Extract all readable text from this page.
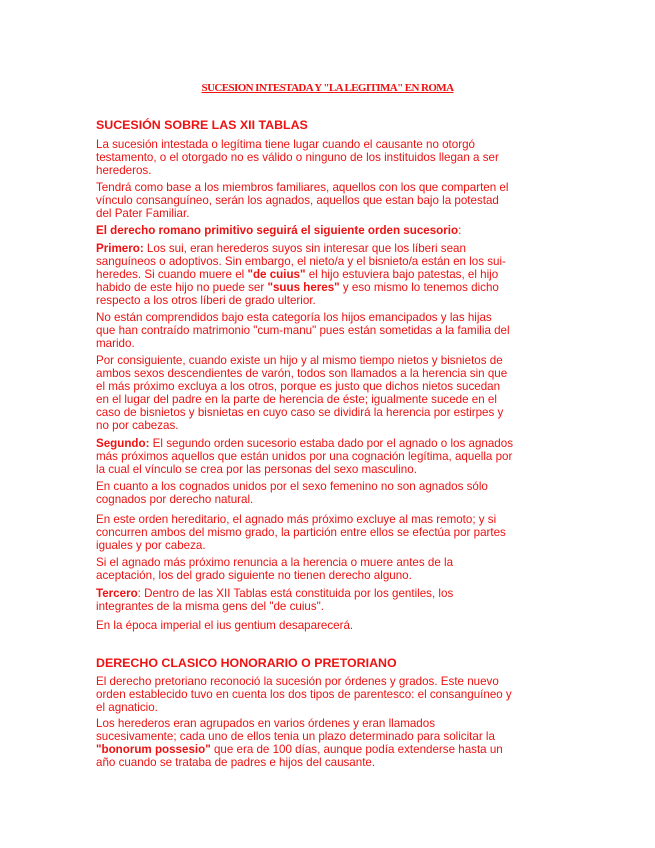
SUCESION INTESTADA Y "LA LEGITIMA" EN ROMA
SUCESIÓN SOBRE LAS XII TABLAS
La sucesión intestada o legítima tiene lugar cuando el causante no otorgó
testamento, o el otorgado no es válido o ninguno de los instituidos llegan a ser
herederos.
Tendrá como base a los miembros familiares, aquellos con los que comparten el
vínculo consanguíneo, serán los agnados, aquellos que estan bajo la potestad
del Pater Familiar.
El derecho romano primitivo seguirá el siguiente orden sucesorio:
Primero: Los sui, eran herederos suyos sin interesar que los líberi sean
sanguíneos o adoptivos. Sin embargo, el nieto/a y el bisnieto/a están en los sui-
heredes. Si cuando muere el "de cuius" el hijo estuviera bajo patestas, el hijo
habido de este hijo no puede ser "suus heres" y eso mismo lo tenemos dicho
respecto a los otros líberi de grado ulterior.
No están comprendidos bajo esta categoría los hijos emancipados y las hijas
que han contraído matrimonio "cum-manu" pues están sometidas a la familia del
marido.
Por consiguiente, cuando existe un hijo y al mismo tiempo nietos y bisnietos de
ambos sexos descendientes de varón, todos son llamados a la herencia sin que
el más próximo excluya a los otros, porque es justo que dichos nietos sucedan
en el lugar del padre en la parte de herencia de éste; igualmente sucede en el
caso de bisnietos y bisnietas en cuyo caso se dividirá la herencia por estirpes y
no por cabezas.
Segundo: El segundo orden sucesorio estaba dado por el agnado o los agnados
más próximos aquellos que están unidos por una cognación legítima, aquella por
la cual el vínculo se crea por las personas del sexo masculino.
En cuanto a los cognados unidos por el sexo femenino no son agnados sólo
cognados por derecho natural.
En este orden hereditario, el agnado más próximo excluye al mas remoto; y si
concurren ambos del mismo grado, la partición entre ellos se efectúa por partes
iguales y por cabeza.
Si el agnado más próximo renuncia a la herencia o muere antes de la
aceptación, los del grado siguiente no tienen derecho alguno.
Tercero: Dentro de las XII Tablas está constituida por los gentiles, los
integrantes de la misma gens del "de cuius".
En la época imperial el ius gentium desaparecerá.
DERECHO CLASICO HONORARIO O PRETORIANO
El derecho pretoriano reconoció la sucesión por órdenes y grados. Este nuevo
orden establecido tuvo en cuenta los dos tipos de parentesco: el consanguíneo y
el agnaticio.
Los herederos eran agrupados en varios órdenes y eran llamados
sucesivamente; cada uno de ellos tenia un plazo determinado para solicitar la
"bonorum possesio" que era de 100 días, aunque podía extenderse hasta un
año cuando se trataba de padres e hijos del causante.
